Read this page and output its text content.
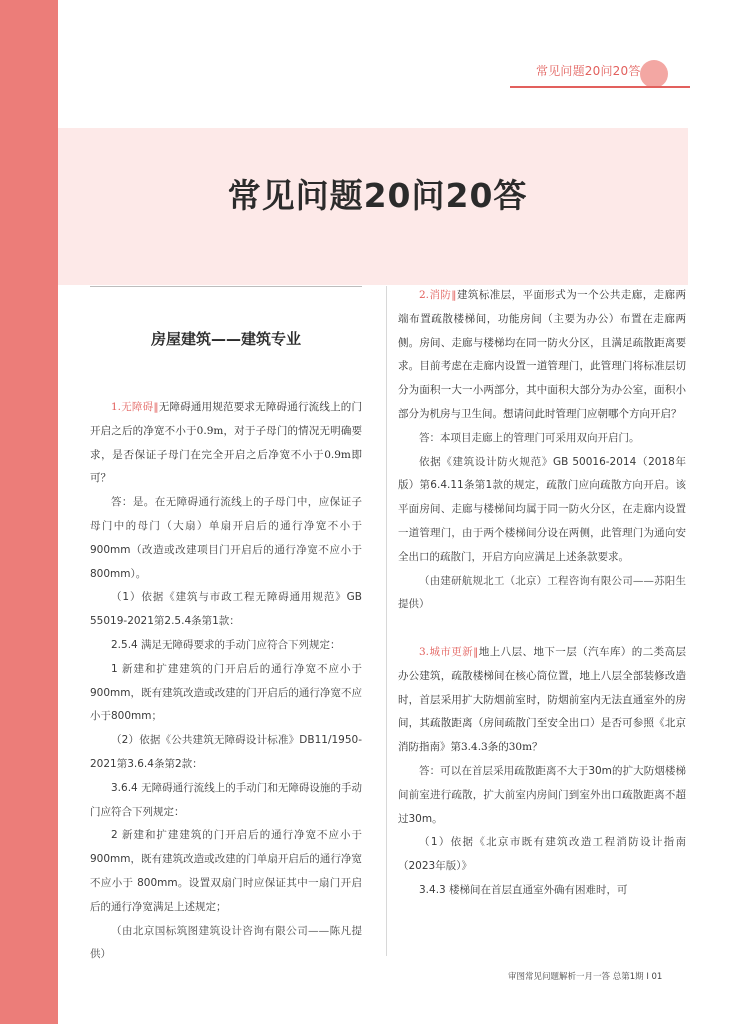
常见问题20问20答
常见问题20问20答
房屋建筑——建筑专业

1.无障碍‖无障碍通用规范要求无障碍通行流线上的门开启之后的净宽不小于0.9m，对于子母门的情况无明确要求，是否保证子母门在完全开启之后净宽不小于0.9m即可？

答：是。在无障碍通行流线上的子母门中，应保证子母门中的母门（大扇）单扇开启后的通行净宽不小于900mm（改造或改建项目门开启后的通行净宽不应小于800mm）。

（1）依据《建筑与市政工程无障碍通用规范》GB 55019-2021第2.5.4条第1款：

2.5.4 满足无障碍要求的手动门应符合下列规定：

1 新建和扩建建筑的门开启后的通行净宽不应小于900mm，既有建筑改造或改建的门开启后的通行净宽不应小于800mm；

（2）依据《公共建筑无障碍设计标准》DB11/1950-2021第3.6.4条第2款：

3.6.4 无障碍通行流线上的手动门和无障碍设施的手动门应符合下列规定：

2 新建和扩建建筑的门开启后的通行净宽不应小于 900mm，既有建筑改造或改建的门单扇开启后的通行净宽不应小于 800mm。设置双扇门时应保证其中一扇门开启后的通行净宽满足上述规定；

（由北京国标筑图建筑设计咨询有限公司——陈凡提供）

2.消防‖建筑标准层，平面形式为一个公共走廊，走廊两端布置疏散楼梯间，功能房间（主要为办公）布置在走廊两侧。房间、走廊与楼梯均在同一防火分区，且满足疏散距离要求。目前考虑在走廊内设置一道管理门，此管理门将标准层切分为面积一大一小两部分，其中面积大部分为办公室，面积小部分为机房与卫生间。想请问此时管理门应朝哪个方向开启？

答：本项目走廊上的管理门可采用双向开启门。

依据《建筑设计防火规范》GB 50016-2014（2018年版）第6.4.11条第1款的规定，疏散门应向疏散方向开启。该平面房间、走廊与楼梯间均属于同一防火分区，在走廊内设置一道管理门，由于两个楼梯间分设在两侧，此管理门为通向安全出口的疏散门，开启方向应满足上述条款要求。

（由建研航规北工（北京）工程咨询有限公司——苏阳生提供）

3.城市更新‖地上八层、地下一层（汽车库）的二类高层办公建筑，疏散楼梯间在核心筒位置，地上八层全部装修改造时，首层采用扩大防烟前室时，防烟前室内无法直通室外的房间，其疏散距离（房间疏散门至安全出口）是否可参照《北京消防指南》第3.4.3条的30m？

答：可以在首层采用疏散距离不大于30m的扩大防烟楼梯间前室进行疏散，扩大前室内房间门到室外出口疏散距离不超过30m。

（1）依据《北京市既有建筑改造工程消防设计指南（2023年版）》

3.4.3 楼梯间在首层直通室外确有困难时，可

审图常见问题解析一月一答 总第1期 I 01
